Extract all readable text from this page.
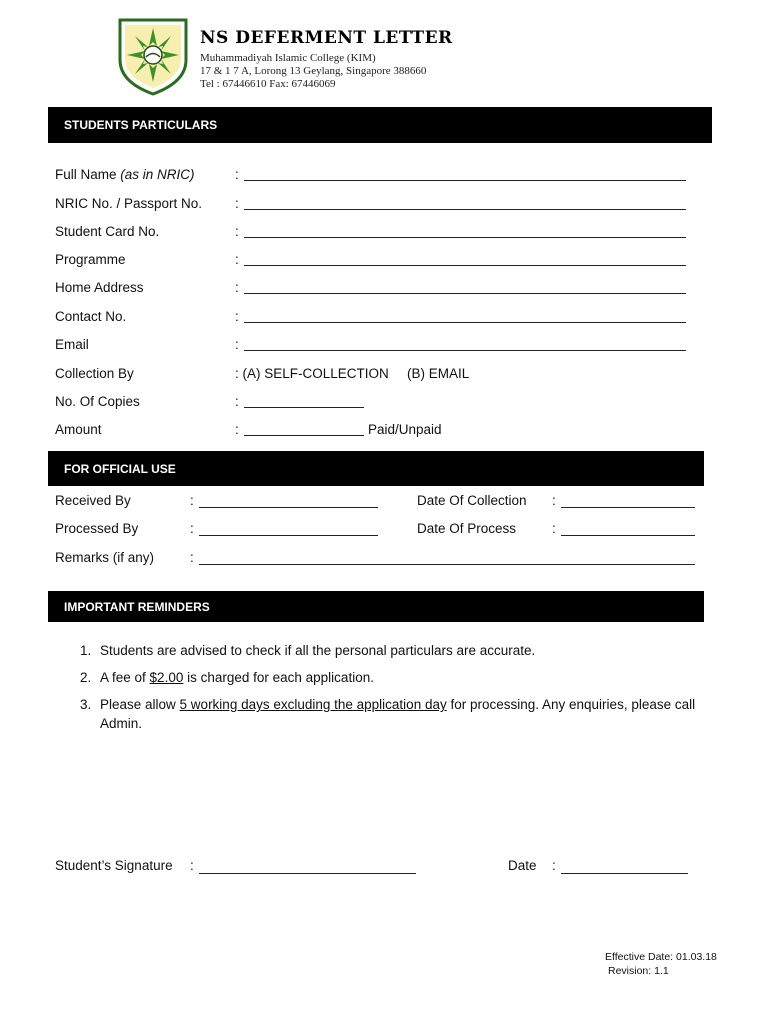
NS DEFERMENT LETTER
Muhammadiyah Islamic College (KIM)
17 & 1 7 A, Lorong 13 Geylang, Singapore 388660
Tel : 67446610 Fax: 67446069
STUDENTS PARTICULARS
Full Name (as in NRIC)	:
NRIC No. / Passport No. :
Student Card No.	:
Programme	:
Home Address	:
Contact No.	:
Email	:
Collection By	: (A) SELF-COLLECTION (B) EMAIL
No. Of Copies	:
Amount	:	Paid/Unpaid
FOR OFFICIAL USE
Received By	:	Date Of Collection :
Processed By	:	Date Of Process	:
Remarks (if any)	:
IMPORTANT REMINDERS
1. Students are advised to check if all the personal particulars are accurate.
2. A fee of $2.00 is charged for each application.
3. Please allow 5 working days excluding the application day for processing. Any enquiries, please call
Admin.
Student’s Signature :	Date :
Effective Date: 01.03.18
Revision: 1.1
